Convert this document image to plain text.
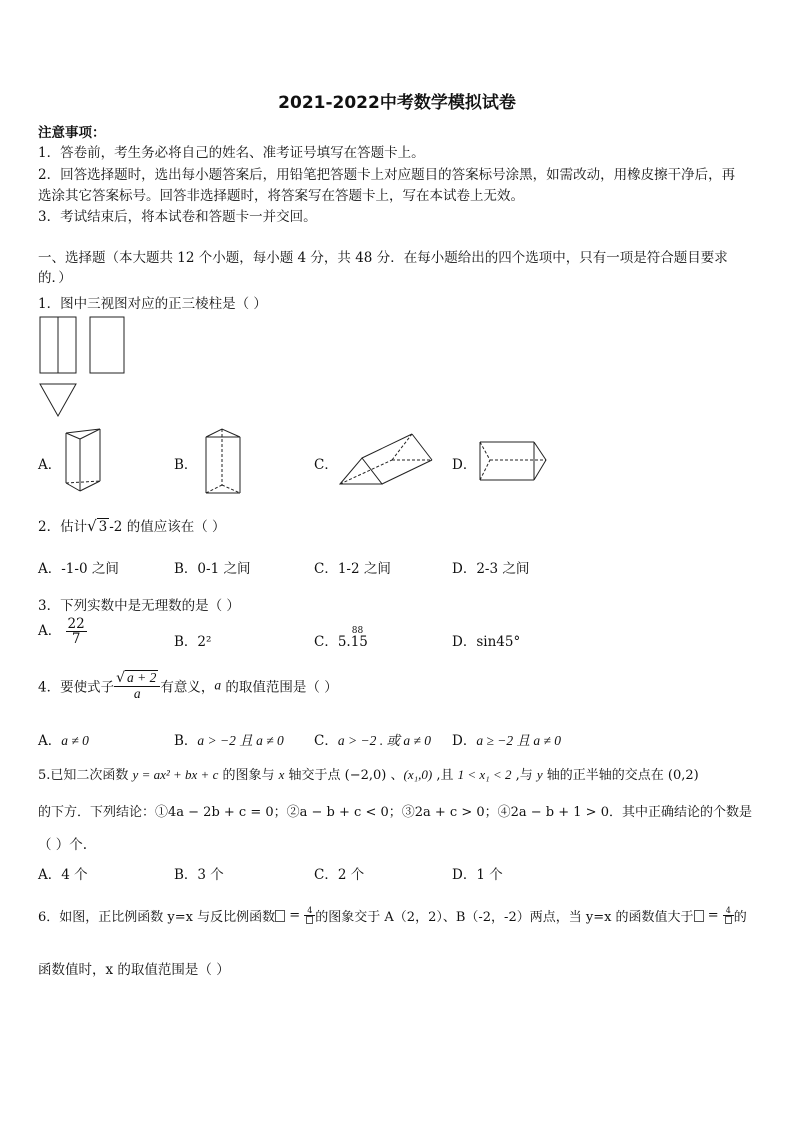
2021-2022中考数学模拟试卷
注意事项：
1．答卷前，考生务必将自己的姓名、准考证号填写在答题卡上。
2．回答选择题时，选出每小题答案后，用铅笔把答题卡上对应题目的答案标号涂黑，如需改动，用橡皮擦干净后，再
选涂其它答案标号。回答非选择题时，将答案写在答题卡上，写在本试卷上无效。
3．考试结束后，将本试卷和答题卡一并交回。
一、选择题（本大题共 12 个小题，每小题 4 分，共 48 分．在每小题给出的四个选项中，只有一项是符合题目要求
的．）
1．图中三视图对应的正三棱柱是（ ）
A．	B．	C．	D．
2．估计√ 3 -2 的值应该在（ ）
A．-1-0 之间	B．0-1 之间	C．1-2 之间	D．2-3 之间
3．下列实数中是无理数的是（ ）
A． $\frac{22}{7}$	B．2²	C．5.
88
15	D．sin45°
4．要使式子 $\frac{√ a + 2}{a}$ 有意义，a 的取值范围是（ ）
A．a ≠ 0	B．a > −2 且 a ≠ 0 C．a > −2 . 或 a ≠ 0 D．a ≥ −2 且 a ≠ 0
5.已知二次函数 y = ax² + bx + c 的图象与 x 轴交于点 (−2,0) 、(x₁,0) ,且 1 < x₁ < 2 ,与 y 轴的正半轴的交点在 (0,2)
的下方．下列结论：①4a − 2b + c = 0；②a − b + c < 0；③2a + c > 0；④2a − b + 1 > 0．其中正确结论的个数是
（ ）个.
A．4 个	B．3 个	C．2 个	D．1 个
6．如图，正比例函数 y=x 与反比例函数 = 4 的图象交于 A（2，2）、B（-2，-2）两点，当 y=x 的函数值大于 = 4 的
函数值时，x 的取值范围是（ ）
